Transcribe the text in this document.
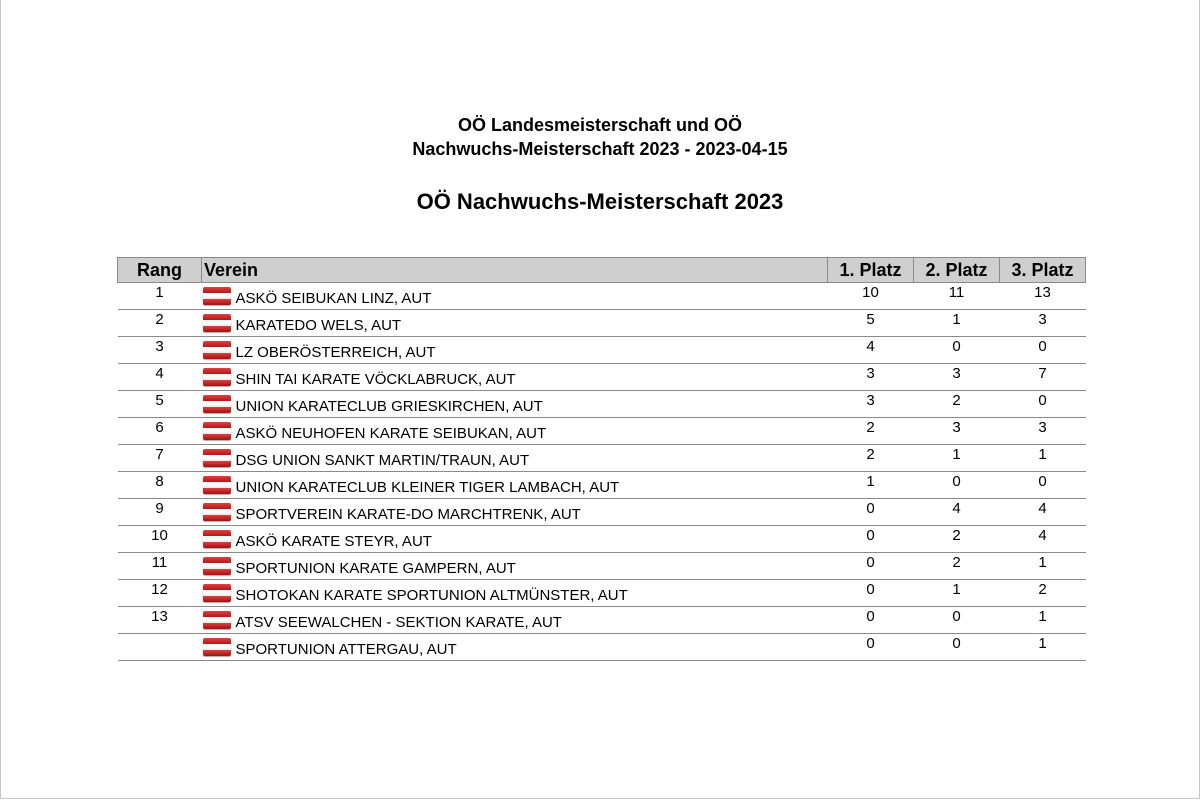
OÖ Landesmeisterschaft und OÖ
Nachwuchs-Meisterschaft 2023 - 2023-04-15
OÖ Nachwuchs-Meisterschaft 2023
Rang	Verein	1. Platz	2. Platz	3. Platz
1	ASKÖ SEIBUKAN LINZ, AUT	10	11	13
2	KARATEDO WELS, AUT	5	1	3
3	LZ OBERÖSTERREICH, AUT	4	0	0
4	SHIN TAI KARATE VÖCKLABRUCK, AUT	3	3	7
5	UNION KARATECLUB GRIESKIRCHEN, AUT	3	2	0
6	ASKÖ NEUHOFEN KARATE SEIBUKAN, AUT	2	3	3
7	DSG UNION SANKT MARTIN/TRAUN, AUT	2	1	1
8	UNION KARATECLUB KLEINER TIGER LAMBACH, AUT	1	0	0
9	SPORTVEREIN KARATE-DO MARCHTRENK, AUT	0	4	4
10	ASKÖ KARATE STEYR, AUT	0	2	4
11	SPORTUNION KARATE GAMPERN, AUT	0	2	1
12	SHOTOKAN KARATE SPORTUNION ALTMÜNSTER, AUT	0	1	2
13	ATSV SEEWALCHEN - SEKTION KARATE, AUT	0	0	1
	SPORTUNION ATTERGAU, AUT	0	0	1
